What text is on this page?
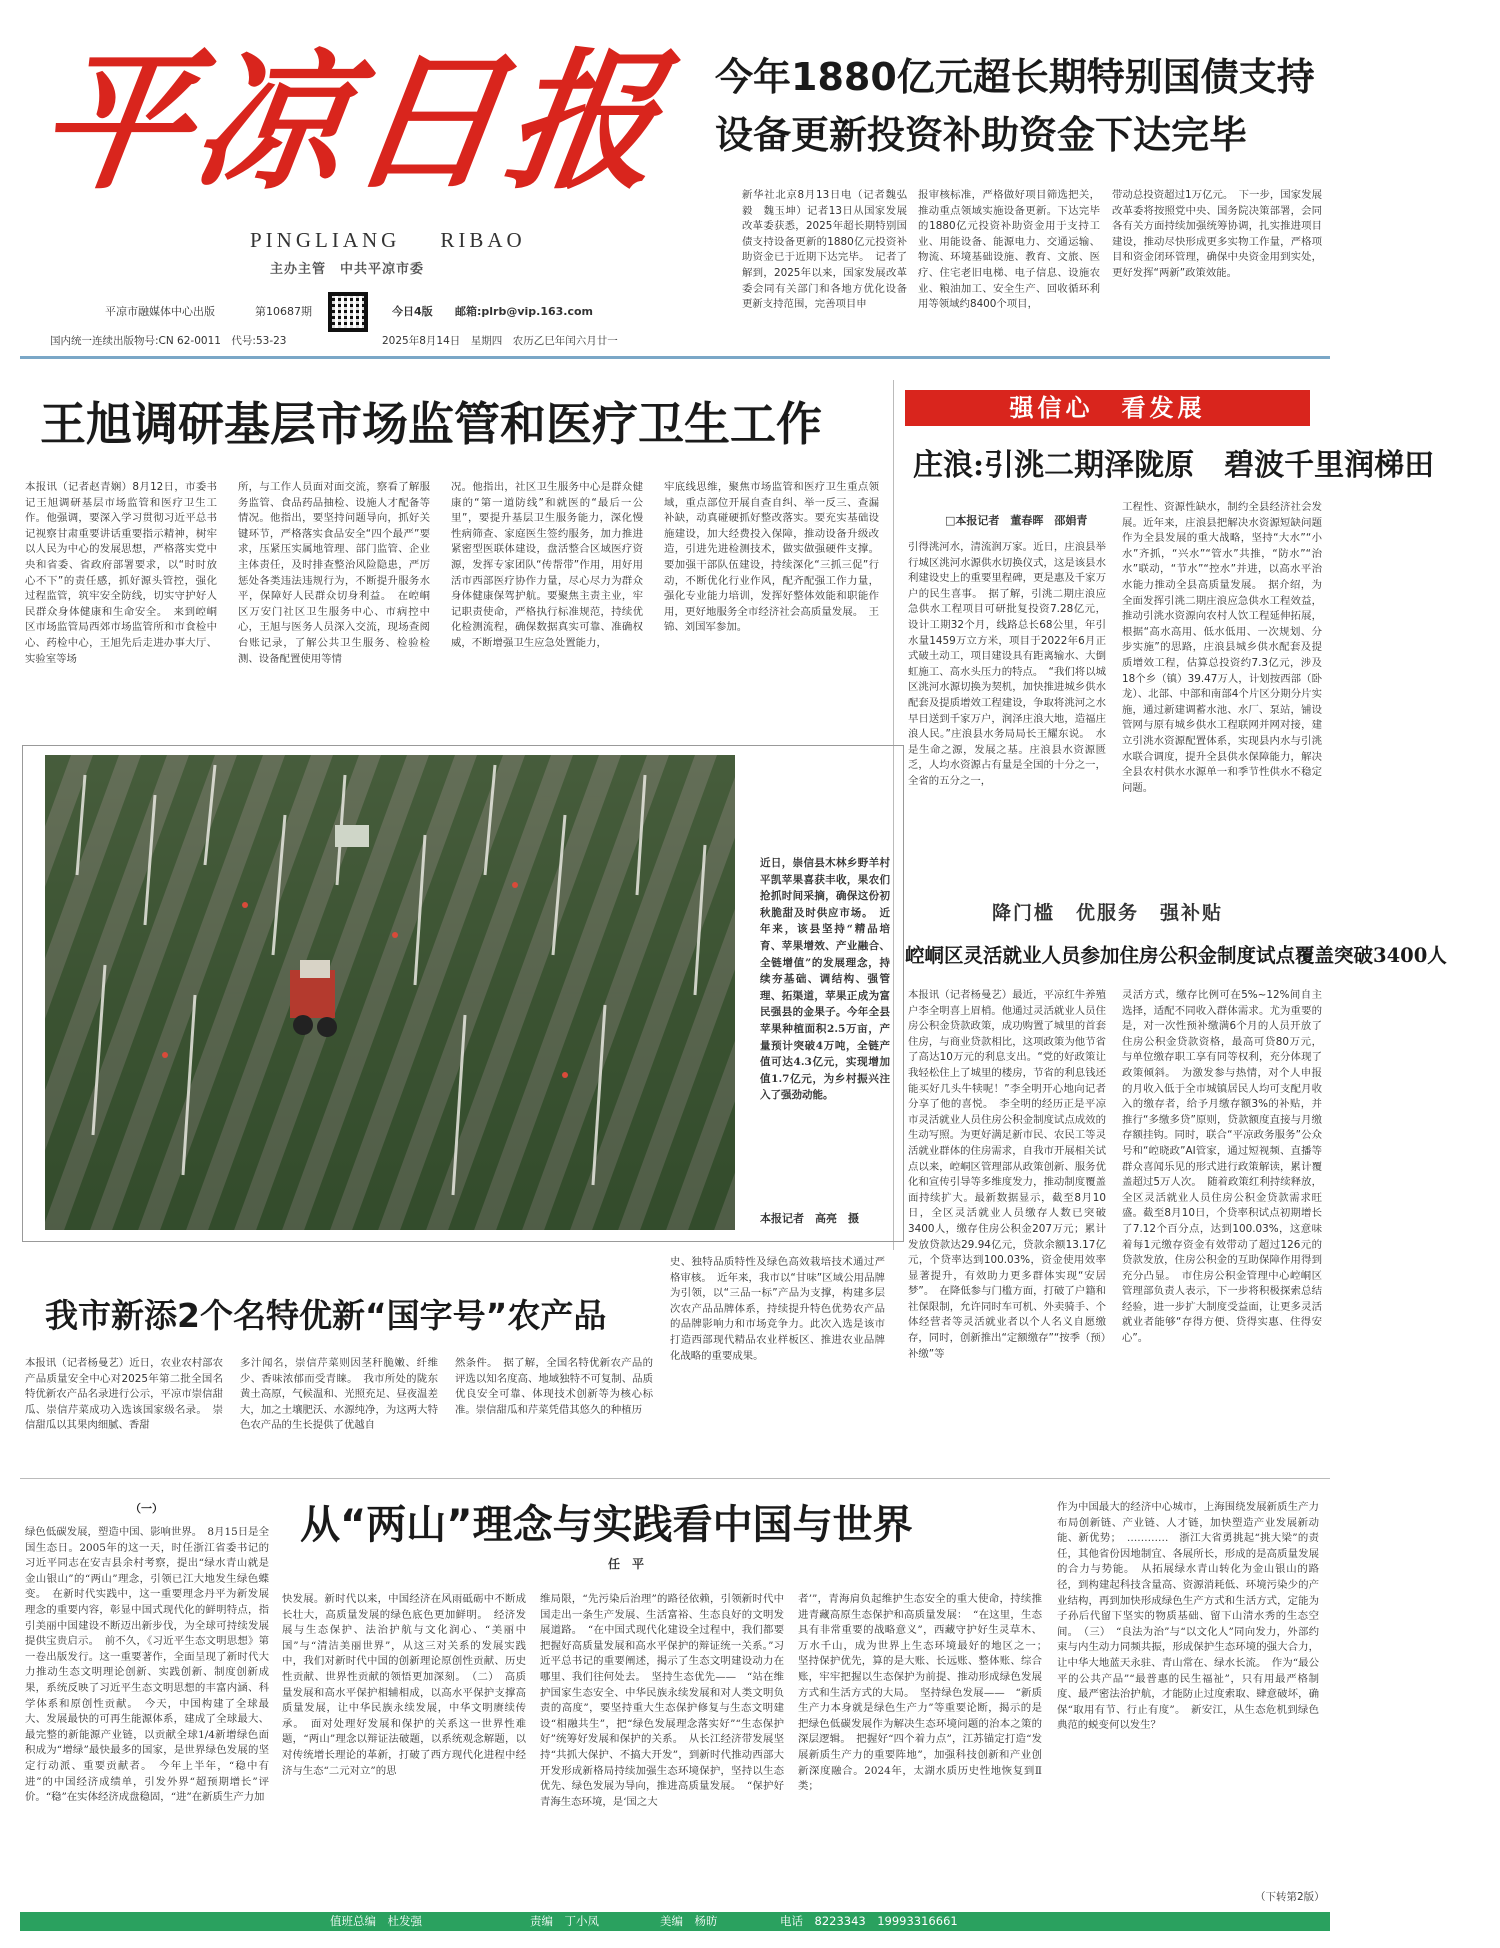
平凉日报
PINGLIANG RIBAO
主办主管　中共平凉市委
平凉市融媒体中心出版	第10687期	今日4版 邮箱:plrb@vip.163.com
国内统一连续出版物号:CN 62-0011　代号:53-23	2025年8月14日　星期四　农历乙巳年闰六月廿一
今年1880亿元超长期特别国债支持
设备更新投资补助资金下达完毕
新华社北京8月13日电（记者魏弘毅　魏玉坤）记者13日从国家发展改革委获悉，2025年超长期特别国债支持设备更新的1880亿元投资补助资金已于近期下达完毕。　记者了解到，2025年以来，国家发展改革委会同有关部门和各地方优化设备更新支持范围，完善项目申
报审核标准，严格做好项目筛选把关，推动重点领域实施设备更新。下达完毕的1880亿元投资补助资金用于支持工业、用能设备、能源电力、交通运输、物流、环境基础设施、教育、文旅、医疗、住宅老旧电梯、电子信息、设施农业、粮油加工、安全生产、回收循环利用等领域约8400个项目，
带动总投资超过1万亿元。　下一步，国家发展改革委将按照党中央、国务院决策部署，会同各有关方面持续加强统筹协调，扎实推进项目建设，推动尽快形成更多实物工作量，严格项目和资金闭环管理，确保中央资金用到实处，更好发挥“两新”政策效能。
王旭调研基层市场监管和医疗卫生工作
本报讯（记者赵青娴）8月12日，市委书记王旭调研基层市场监管和医疗卫生工作。他强调，要深入学习贯彻习近平总书记视察甘肃重要讲话重要指示精神，树牢以人民为中心的发展思想，严格落实党中央和省委、省政府部署要求，以“时时放心不下”的责任感，抓好源头管控，强化过程监管，筑牢安全防线，切实守护好人民群众身体健康和生命安全。　来到崆峒区市场监管局西郊市场监管所和市食检中心、药检中心，王旭先后走进办事大厅、实验室等场
所，与工作人员面对面交流，察看了解服务监管、食品药品抽检、设施人才配备等情况。他指出，要坚持问题导向，抓好关键环节，严格落实食品安全“四个最严”要求，压紧压实属地管理、部门监管、企业主体责任，及时排查整治风险隐患，严厉惩处各类违法违规行为，不断提升服务水平，保障好人民群众切身利益。　在崆峒区万安门社区卫生服务中心、市病控中心，王旭与医务人员深入交流，现场查阅台账记录，了解公共卫生服务、检验检测、设备配置使用等情
况。他指出，社区卫生服务中心是群众健康的“第一道防线”和就医的“最后一公里”，要提升基层卫生服务能力，深化慢性病筛查、家庭医生签约服务，加力推进紧密型医联体建设，盘活整合区域医疗资源，发挥专家团队“传帮带”作用，用好用活市西部医疗协作力量，尽心尽力为群众身体健康保驾护航。要聚焦主责主业，牢记职责使命，严格执行标准规范，持续优化检测流程，确保数据真实可靠、准确权威，不断增强卫生应急处置能力，
牢底线思维，聚焦市场监管和医疗卫生重点领域，重点部位开展自查自纠、举一反三、查漏补缺，动真碰硬抓好整改落实。要充实基础设施建设，加大经费投入保障，推动设备升级改造，引进先进检测技术，做实做强硬件支撑。要加强干部队伍建设，持续深化“三抓三促”行动，不断优化行业作风，配齐配强工作力量，强化专业能力培训，发挥好整体效能和职能作用，更好地服务全市经济社会高质量发展。　王锦、刘国军参加。
近日，崇信县木林乡野羊村平凯苹果喜获丰收，果农们抢抓时间采摘，确保这份初秋脆甜及时供应市场。　近年来，该县坚持“精品培育、苹果增效、产业融合、全链增值”的发展理念，持续夯基础、调结构、强管理、拓渠道，苹果正成为富民强县的金果子。今年全县苹果种植面积2.5万亩，产量预计突破4万吨，全链产值可达4.3亿元，实现增加值1.7亿元，为乡村振兴注入了强劲动能。
本报记者　高亮　摄
强信心　看发展
庄浪:引洮二期泽陇原　碧波千里润梯田
□本报记者　董春晖　邵娟青
引得洮河水，清流润万家。近日，庄浪县举行城区洮河水源供水切换仪式，这是该县水利建设史上的重要里程碑，更是惠及千家万户的民生喜事。　据了解，引洮二期庄浪应急供水工程项目可研批复投资7.28亿元，设计工期32个月，线路总长68公里，年引水量1459万立方米，项目于2022年6月正式破土动工，项目建设具有距离输水、大倒虹施工、高水头压力的特点。　“我们将以城区洮河水源切换为契机，加快推进城乡供水配套及提质增效工程建设，争取将洮河之水早日送到千家万户，润泽庄浪大地，造福庄浪人民。”庄浪县水务局局长王耀东说。　水是生命之源，发展之基。庄浪县水资源匮乏，人均水资源占有量是全国的十分之一，全省的五分之一，
工程性、资源性缺水，制约全县经济社会发展。近年来，庄浪县把解决水资源短缺问题作为全县发展的重大战略，坚持“大水”“小水”齐抓，“兴水”“管水”共推，“防水”“治水”联动，“节水”“控水”并进，以高水平治水能力推动全县高质量发展。　据介绍，为全面发挥引洮二期庄浪应急供水工程效益，推动引洮水资源向农村人饮工程延伸拓展，根据“高水高用、低水低用、一次规划、分步实施”的思路，庄浪县城乡供水配套及提质增效工程，估算总投资约7.3亿元，涉及18个乡（镇）39.47万人，计划按西部（卧龙）、北部、中部和南部4个片区分期分片实施，通过新建调蓄水池、水厂、泵站，铺设管网与原有城乡供水工程联网并网对接，建立引洮水资源配置体系，实现县内水与引洮水联合调度，提升全县供水保障能力，解决全县农村供水水源单一和季节性供水不稳定问题。
降门槛　优服务　强补贴
崆峒区灵活就业人员参加住房公积金制度试点覆盖突破3400人
本报讯（记者杨曼艺）最近，平凉红牛养殖户李全明喜上眉梢。他通过灵活就业人员住房公积金贷款政策，成功购置了城里的首套住房，与商业贷款相比，这项政策为他节省了高达10万元的利息支出。“党的好政策让我轻松住上了城里的楼房，节省的利息钱还能买好几头牛犊呢！”李全明开心地向记者分享了他的喜悦。　李全明的经历正是平凉市灵活就业人员住房公积金制度试点成效的生动写照。为更好满足新市民、农民工等灵活就业群体的住房需求，自我市开展相关试点以来，崆峒区管理部从政策创新、服务优化和宣传引导等多维度发力，推动制度覆盖面持续扩大。最新数据显示，截至8月10日，全区灵活就业人员缴存人数已突破3400人，缴存住房公积金207万元；累计发放贷款达29.94亿元，贷款余额13.17亿元，个贷率达到100.03%，资金使用效率显著提升，有效助力更多群体实现“安居梦”。　在降低参与门槛方面，打破了户籍和社保限制，允许同时车可机、外卖骑手、个体经营者等灵活就业者以个人名义自愿缴存，同时，创新推出“定额缴存”“按季（预）补缴”等
灵活方式，缴存比例可在5%~12%间自主选择，适配不同收入群体需求。尤为重要的是，对一次性预补缴满6个月的人员开放了住房公积金贷款资格，最高可贷80万元，与单位缴存职工享有同等权利，充分体现了政策倾斜。　为激发参与热情，对个人申报的月收入低于全市城镇居民人均可支配月收入的缴存者，给予月缴存额3%的补贴，并推行“多缴多贷”原则，贷款额度直接与月缴存额挂钩。同时，联合“平凉政务服务”公众号和“崆晓政”AI管家，通过短视频、直播等群众喜闻乐见的形式进行政策解读，累计覆盖超过5万人次。　随着政策红利持续释放，全区灵活就业人员住房公积金贷款需求旺盛。截至8月10日，个贷率积试点初期增长了7.12个百分点，达到100.03%，这意味着每1元缴存资金有效带动了超过126元的贷款发放，住房公积金的互助保障作用得到充分凸显。　市住房公积金管理中心崆峒区管理部负责人表示，下一步将积极探索总结经验，进一步扩大制度受益面，让更多灵活就业者能够“存得方便、贷得实惠、住得安心”。
我市新添2个名特优新“国字号”农产品
本报讯（记者杨曼艺）近日，农业农村部农产品质量安全中心对2025年第二批全国名特优新农产品名录进行公示，平凉市崇信甜瓜、崇信芹菜成功入选该国家级名录。　崇信甜瓜以其果肉细腻、香甜
多汁闻名，崇信芹菜则因茎秆脆嫩、纤维少、香味浓郁而受青睐。　我市所处的陇东黄土高原，气候温和、光照充足、昼夜温差大，加之土壤肥沃、水源纯净，为这两大特色农产品的生长提供了优越自
然条件。　据了解，全国名特优新农产品的评选以知名度高、地域独特不可复制、品质优良安全可靠、体现技术创新等为核心标准。崇信甜瓜和芹菜凭借其悠久的种植历
史、独特品质特性及绿色高效栽培技术通过严格审核。　近年来，我市以“甘味”区域公用品牌为引领，以“三品一标”产品为支撑，构建多层次农产品品牌体系，持续提升特色优势农产品的品牌影响力和市场竞争力。此次入选是该市打造西部现代精品农业样板区、推进农业品牌化战略的重要成果。
（一）	从“两山”理念与实践看中国与世界
任　平
绿色低碳发展，塑造中国、影响世界。　8月15日是全国生态日。2005年的这一天，时任浙江省委书记的习近平同志在安吉县余村考察，提出“绿水青山就是金山银山”的“两山”理念，引领已江大地发生绿色蝶变。　在新时代实践中，这一重要理念丹平为新发展理念的重要内容，彰显中国式现代化的鲜明特点，指引美丽中国建设不断迈出新步伐，为全球可持续发展提供宝贵启示。　前不久，《习近平生态文明思想》第一卷出版发行。这一重要著作，全面呈现了新时代大力推动生态文明理论创新、实践创新、制度创新成果，系统反映了习近平生态文明思想的丰富内涵、科学体系和原创性贡献。　今天，中国构建了全球最大、发展最快的可再生能源体系，建成了全球最大、最完整的新能源产业链，以贡献全球1/4新增绿色面积成为“增绿”最快最多的国家，是世界绿色发展的坚定行动派、重要贡献者。　今年上半年，“稳中有进”的中国经济成绩单，引发外界“超预期增长”评价。“稳”在实体经济成盘稳固，“进”在新质生产力加
快发展。新时代以来，中国经济在风雨砥砺中不断成长壮大，高质量发展的绿色底色更加鲜明。　经济发展与生态保护、法治护航与文化润心、“美丽中国”与“清洁美丽世界”，从这三对关系的发展实践中，我们对新时代中国的创新理论原创性贡献、历史性贡献、世界性贡献的领悟更加深刻。　（二）　高质量发展和高水平保护相辅相成，以高水平保护支撑高质量发展，让中华民族永续发展，中华文明赓续传承。　面对处理好发展和保护的关系这一世界性难题，“两山”理念以辩证法破题，以系统观念解题，以对传统增长理论的革新，打破了西方现代化进程中经济与生态“二元对立”的思
维局限，“先污染后治理”的路径依赖，引领新时代中国走出一条生产发展、生活富裕、生态良好的文明发展道路。　“在中国式现代化建设全过程中，我们都要把握好高质量发展和高水平保护的辩证统一关系。”习近平总书记的重要阐述，揭示了生态文明建设动力在哪里、我们往何处去。　坚持生态优先——　“站在维护国家生态安全、中华民族永续发展和对人类文明负责的高度”，要坚持重大生态保护修复与生态文明建设“相融共生”，把“绿色发展理念落实好”“生态保护好”统筹好发展和保护的关系。　从长江经济带发展坚持“共抓大保护、不搞大开发”，到新时代推动西部大开发形成新格局持续加强生态环境保护，坚持以生态优先、绿色发展为导向，推进高质量发展。　“保护好青海生态环境，是‘国之大
者’”，青海肩负起维护生态安全的重大使命，持续推进青藏高原生态保护和高质量发展：　“在这里，生态具有非常重要的战略意义”，西藏守护好生灵草木、万水千山，成为世界上生态环境最好的地区之一；　坚持保护优先，算的是大账、长远账、整体账、综合账，牢牢把握以生态保护为前提、推动形成绿色发展方式和生活方式的大局。　坚持绿色发展——　“新质生产力本身就是绿色生产力”等重要论断，揭示的是把绿色低碳发展作为解决生态环境问题的治本之策的深层逻辑。　把握好“四个着力点”，江苏锚定打造“发展新质生产力的重要阵地”，加强科技创新和产业创新深度融合。2024年，太湖水质历史性地恢复到Ⅱ类；
作为中国最大的经济中心城市，上海围绕发展新质生产力布局创新链、产业链、人才链，加快塑造产业发展新动能、新优势；　…………　浙江大省勇挑起“挑大梁”的责任，其他省份因地制宜、各展所长，形成的是高质量发展的合力与势能。　从拓展绿水青山转化为金山银山的路径，到构建起科技含量高、资源消耗低、环境污染少的产业结构，再到加快形成绿色生产方式和生活方式，定能为子孙后代留下坚实的物质基础、留下山清水秀的生态空间。　（三）　“良法为治”与“以文化人”同向发力，外部约束与内生动力同频共振，形成保护生态环境的强大合力，让中华大地蓝天永驻、青山常在、绿水长流。　作为“最公平的公共产品”“最普惠的民生福祉”，只有用最严格制度、最严密法治护航，才能防止过度索取、肆意破坏，确保“取用有节、行止有度”。　新安江，从生态危机到绿色典范的蜕变何以发生？
（下转第2版）
值班总编　杜发强	责编　丁小凤	美编　杨昉	电话　8223343　19993316661
